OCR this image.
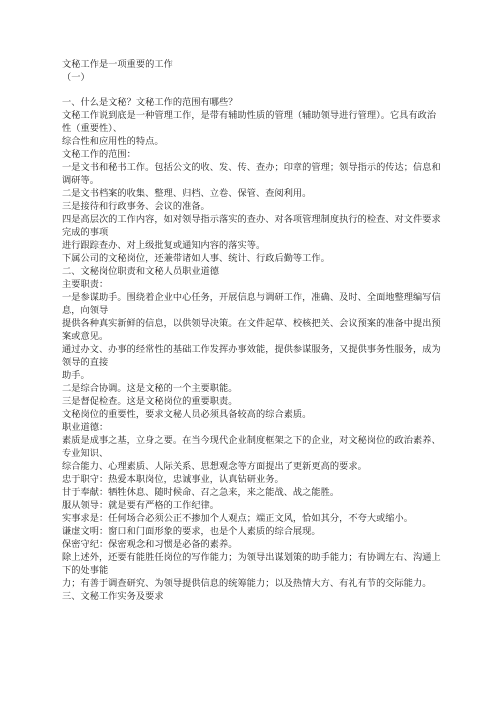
文秘工作是一项重要的工作
（一）
一、什么是文秘？文秘工作的范围有哪些？
文秘工作说到底是一种管理工作，是带有辅助性质的管理（辅助领导进行管理）。它具有政治性（重要性）、
综合性和应用性的特点。
文秘工作的范围：
一是文书和秘书工作。包括公文的收、发、传、查办；印章的管理；领导指示的传达；信息和调研等。
二是文书档案的收集、整理、归档、立卷、保管、查阅利用。
三是接待和行政事务、会议的准备。
四是高层次的工作内容，如对领导指示落实的查办、对各项管理制度执行的检查、对文件要求完成的事项
进行跟踪查办、对上级批复或通知内容的落实等。
下属公司的文秘岗位，还兼带诸如人事、统计、行政后勤等工作。
二、文秘岗位职责和文秘人员职业道德
主要职责：
一是参谋助手。围绕着企业中心任务，开展信息与调研工作，准确、及时、全面地整理编写信息，向领导
提供各种真实新鲜的信息，以供领导决策。在文件起草、校核把关、会议预案的准备中提出预案或意见。
通过办文、办事的经常性的基础工作发挥办事效能，提供参谋服务，又提供事务性服务，成为领导的直接
助手。
二是综合协调。这是文秘的一个主要职能。
三是督促检查。这是文秘岗位的重要职责。
文秘岗位的重要性，要求文秘人员必须具备较高的综合素质。
职业道德：
素质是成事之基，立身之要。在当今现代企业制度框架之下的企业，对文秘岗位的政治素养、专业知识、
综合能力、心理素质、人际关系、思想观念等方面提出了更新更高的要求。
忠于职守：热爱本职岗位，忠诚事业，认真钻研业务。
甘于奉献：牺牲休息、随时候命、召之急来，来之能战、战之能胜。
服从领导：就是要有严格的工作纪律。
实事求是：任何场合必须公正不掺加个人观点；端正文风，恰如其分，不夸大或缩小。
谦虚文明：窗口和门面形象的要求，也是个人素质的综合展现。
保密守纪：保密观念和习惯是必备的素养。
除上述外，还要有能胜任岗位的写作能力；为领导出谋划策的助手能力；有协调左右、沟通上下的处事能
力；有善于调查研究、为领导提供信息的统筹能力；以及热情大方、有礼有节的交际能力。
三、文秘工作实务及要求
